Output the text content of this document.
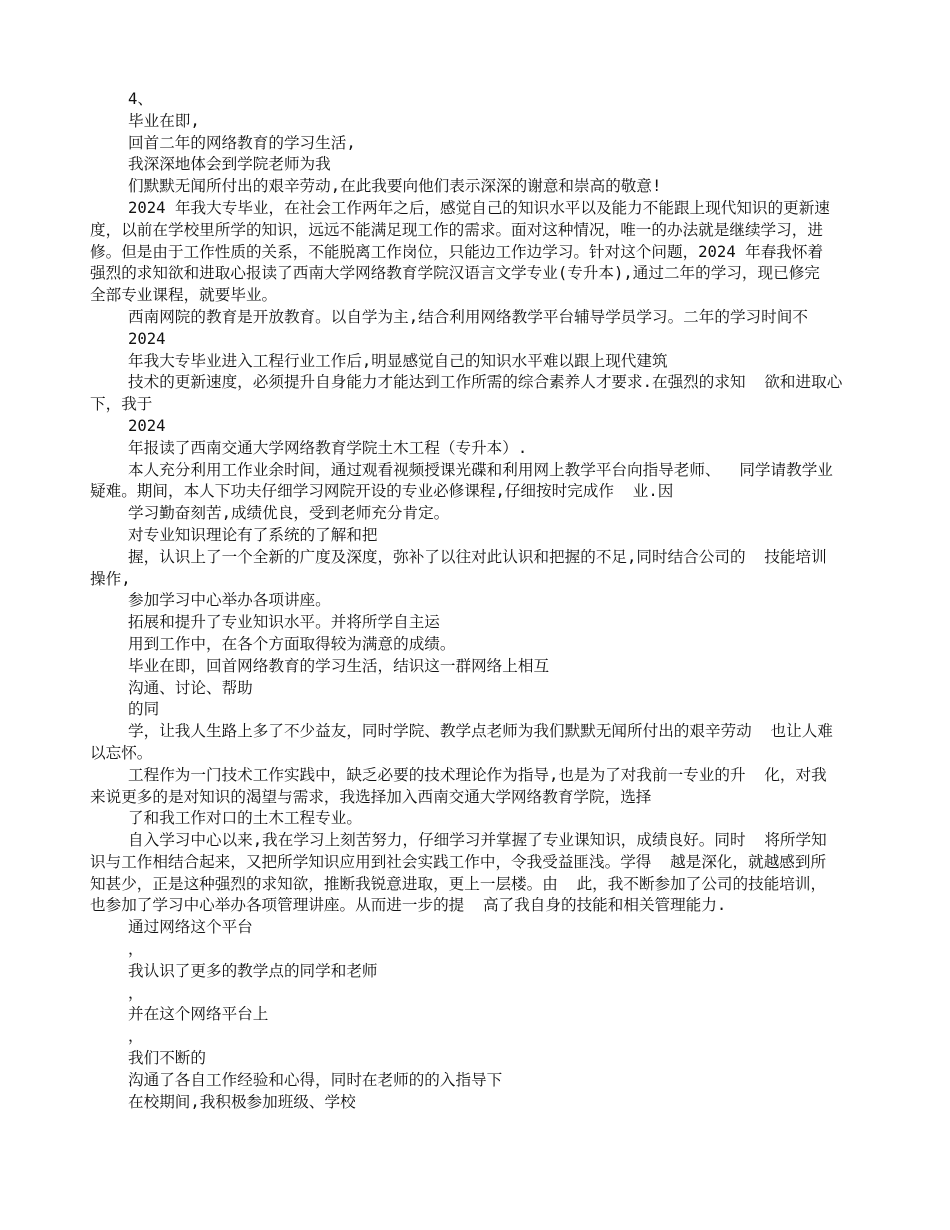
4、
毕业在即,
回首二年的网络教育的学习生活,
我深深地体会到学院老师为我
们默默无闻所付出的艰辛劳动,在此我要向他们表示深深的谢意和崇高的敬意!
2024 年我大专毕业，在社会工作两年之后，感觉自己的知识水平以及能力不能跟上现代知识的更新速
度，以前在学校里所学的知识，远远不能满足现工作的需求。面对这种情况，唯一的办法就是继续学习，进
修。但是由于工作性质的关系，不能脱离工作岗位，只能边工作边学习。针对这个问题，2024 年春我怀着
强烈的求知欲和进取心报读了西南大学网络教育学院汉语言文学专业(专升本),通过二年的学习，现已修完
全部专业课程，就要毕业。
西南网院的教育是开放教育。以自学为主,结合利用网络教学平台辅导学员学习。二年的学习时间不
2024
年我大专毕业进入工程行业工作后,明显感觉自己的知识水平难以跟上现代建筑
技术的更新速度，必须提升自身能力才能达到工作所需的综合素养人才要求.在强烈的求知  欲和进取心
下，我于
2024
年报读了西南交通大学网络教育学院土木工程（专升本）.
本人充分利用工作业余时间，通过观看视频授课光碟和利用网上教学平台向指导老师、  同学请教学业
疑难。期间，本人下功夫仔细学习网院开设的专业必修课程,仔细按时完成作  业.因
学习勤奋刻苦,成绩优良，受到老师充分肯定。
对专业知识理论有了系统的了解和把
握，认识上了一个全新的广度及深度，弥补了以往对此认识和把握的不足,同时结合公司的  技能培训
操作,
参加学习中心举办各项讲座。
拓展和提升了专业知识水平。并将所学自主运
用到工作中，在各个方面取得较为满意的成绩。
毕业在即，回首网络教育的学习生活，结识这一群网络上相互
沟通、讨论、帮助
的同
学，让我人生路上多了不少益友，同时学院、教学点老师为我们默默无闻所付出的艰辛劳动  也让人难
以忘怀。
工程作为一门技术工作实践中，缺乏必要的技术理论作为指导,也是为了对我前一专业的升  化，对我
来说更多的是对知识的渴望与需求，我选择加入西南交通大学网络教育学院，选择
了和我工作对口的土木工程专业。
自入学习中心以来,我在学习上刻苦努力，仔细学习并掌握了专业课知识，成绩良好。同时  将所学知
识与工作相结合起来，又把所学知识应用到社会实践工作中，令我受益匪浅。学得  越是深化，就越感到所
知甚少，正是这种强烈的求知欲，推断我锐意进取，更上一层楼。由  此，我不断参加了公司的技能培训，
也参加了学习中心举办各项管理讲座。从而进一步的提  高了我自身的技能和相关管理能力.
通过网络这个平台
，
我认识了更多的教学点的同学和老师
，
并在这个网络平台上
，
我们不断的
沟通了各自工作经验和心得，同时在老师的的入指导下
在校期间,我积极参加班级、学校
